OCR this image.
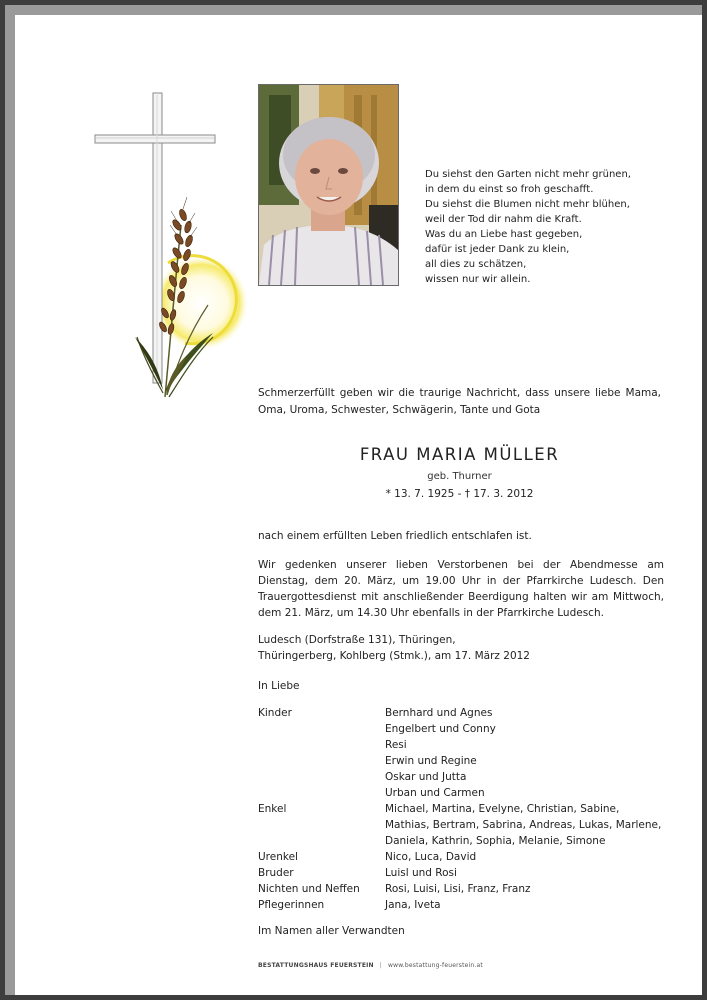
Du siehst den Garten nicht mehr grünen,
in dem du einst so froh geschafft.
Du siehst die Blumen nicht mehr blühen,
weil der Tod dir nahm die Kraft.
Was du an Liebe hast gegeben,
dafür ist jeder Dank zu klein,
all dies zu schätzen,
wissen nur wir allein.
Schmerzerfüllt geben wir die traurige Nachricht, dass unsere liebe Mama, Oma, Uroma, Schwester, Schwägerin, Tante und Gota
FRAU MARIA MÜLLER
geb. Thurner
* 13. 7. 1925 - † 17. 3. 2012
nach einem erfüllten Leben friedlich entschlafen ist.
Wir gedenken unserer lieben Verstorbenen bei der Abendmesse am Dienstag, dem 20. März, um 19.00 Uhr in der Pfarrkirche Ludesch. Den Trauergottesdienst mit anschließender Beerdigung halten wir am Mittwoch, dem 21. März, um 14.30 Uhr ebenfalls in der Pfarrkirche Ludesch.
Ludesch (Dorfstraße 131), Thüringen,
Thüringerberg, Kohlberg (Stmk.), am 17. März 2012
In Liebe
Kinder	Bernhard und Agnes
Engelbert und Conny
Resi
Erwin und Regine
Oskar und Jutta
Urban und Carmen
Enkel	Michael, Martina, Evelyne, Christian, Sabine,
Mathias, Bertram, Sabrina, Andreas, Lukas, Marlene,
Daniela, Kathrin, Sophia, Melanie, Simone
Urenkel	Nico, Luca, David
Bruder	Luisl und Rosi
Nichten und Neffen	Rosi, Luisi, Lisi, Franz, Franz
Pflegerinnen	Jana, Iveta
Im Namen aller Verwandten
BESTATTUNGSHAUS FEUERSTEIN | www.bestattung-feuerstein.at
